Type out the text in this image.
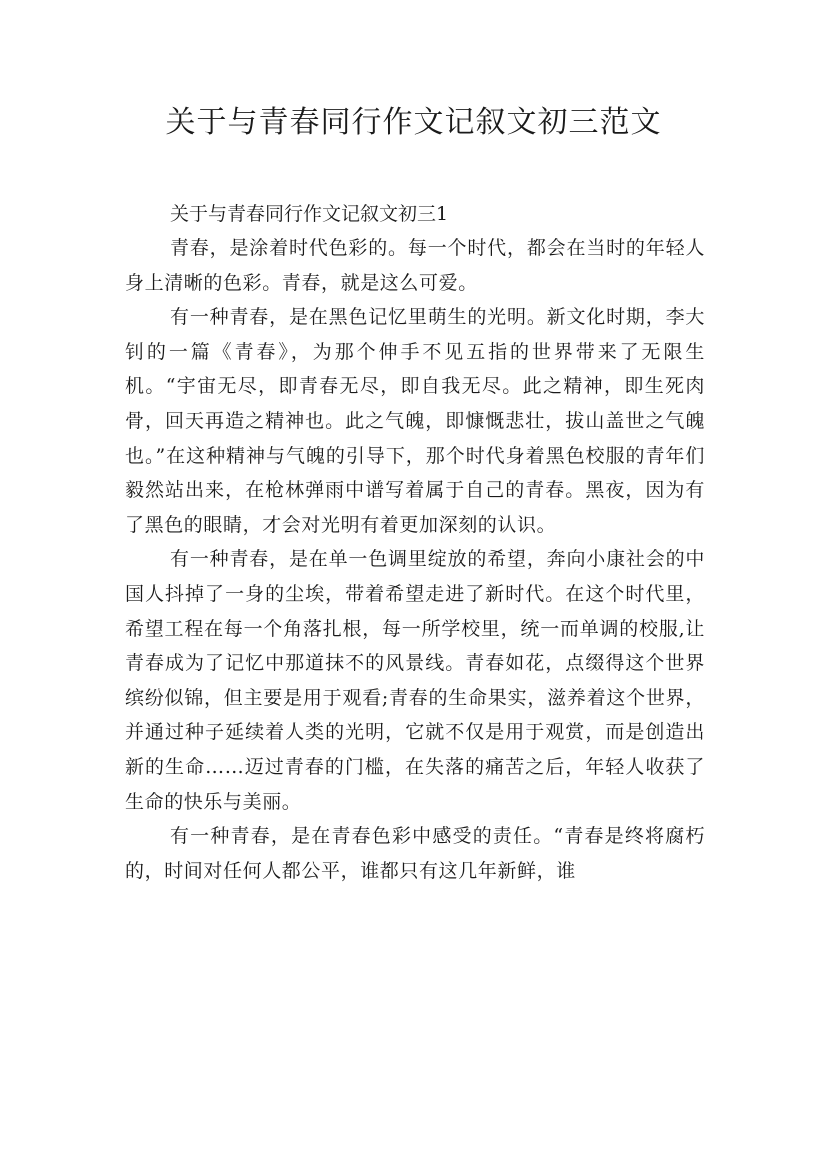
关于与青春同行作文记叙文初三范文

关于与青春同行作文记叙文初三1

青春，是涂着时代色彩的。每一个时代，都会在当时的年轻人身上清晰的色彩。青春，就是这么可爱。

有一种青春，是在黑色记忆里萌生的光明。新文化时期，李大钊的一篇《青春》，为那个伸手不见五指的世界带来了无限生机。“宇宙无尽，即青春无尽，即自我无尽。此之精神，即生死肉骨，回天再造之精神也。此之气魄，即慷慨悲壮，拔山盖世之气魄也。”在这种精神与气魄的引导下，那个时代身着黑色校服的青年们毅然站出来，在枪林弹雨中谱写着属于自己的青春。黑夜，因为有了黑色的眼睛，才会对光明有着更加深刻的认识。

有一种青春，是在单一色调里绽放的希望，奔向小康社会的中国人抖掉了一身的尘埃，带着希望走进了新时代。在这个时代里，希望工程在每一个角落扎根，每一所学校里，统一而单调的校服,让青春成为了记忆中那道抹不的风景线。青春如花，点缀得这个世界缤纷似锦，但主要是用于观看;青春的生命果实，滋养着这个世界，并通过种子延续着人类的光明，它就不仅是用于观赏，而是创造出新的生命……迈过青春的门槛，在失落的痛苦之后，年轻人收获了生命的快乐与美丽。

有一种青春，是在青春色彩中感受的责任。“青春是终将腐朽的，时间对任何人都公平，谁都只有这几年新鲜，谁
